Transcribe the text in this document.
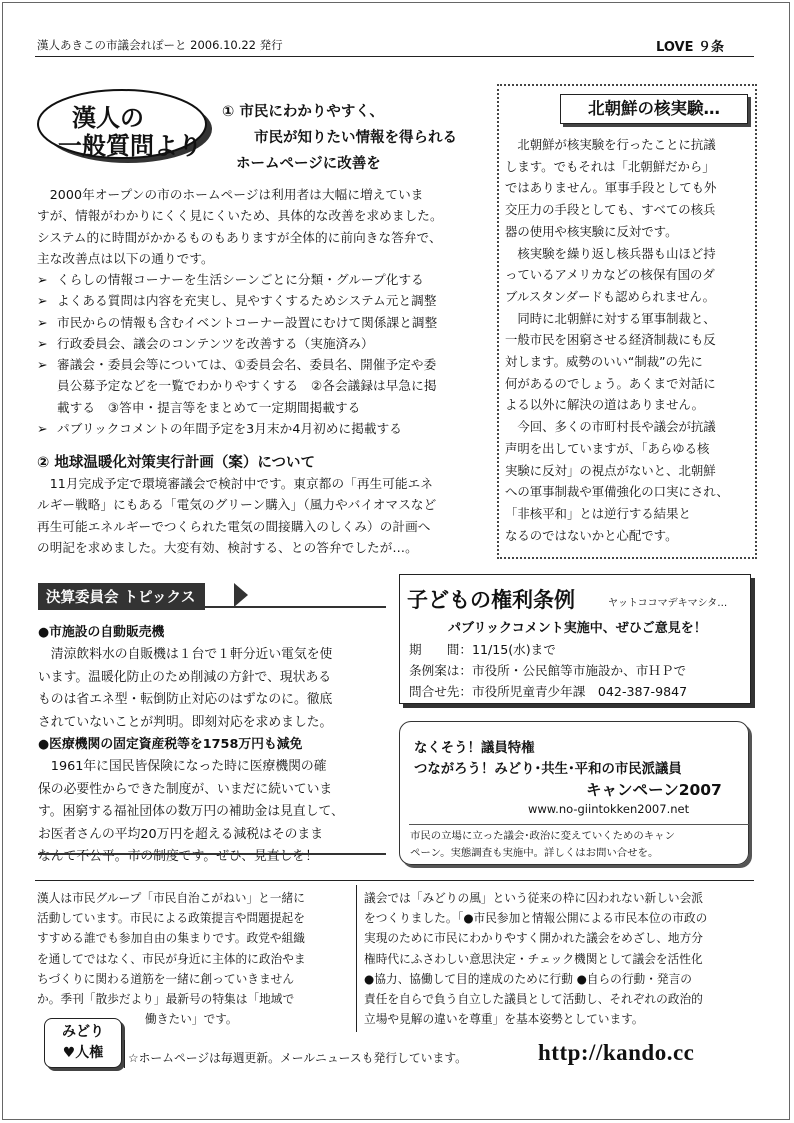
漢人あきこの市議会れぽーと 2006.10.22 発行	LOVE ９条
漢人の
一般質問より
① 市民にわかりやすく、
市民が知りたい情報を得られる
ホームページに改善を
　2000年オープンの市のホームページは利用者は大幅に増えていま
すが、情報がわかりにくく見にくいため、具体的な改善を求めました。
システム的に時間がかかるものもありますが全体的に前向きな答弁で、
主な改善点は以下の通りです。
➢ くらしの情報コーナーを生活シーンごとに分類・グループ化する
➢ よくある質問は内容を充実し、見やすくするためシステム元と調整
➢ 市民からの情報も含むイベントコーナー設置にむけて関係課と調整
➢ 行政委員会、議会のコンテンツを改善する（実施済み）
➢ 審議会・委員会等については、①委員会名、委員名、開催予定や委
員公募予定などを一覧でわかりやすくする　②各会議録は早急に掲
載する　③答申・提言等をまとめて一定期間掲載する
➢ パブリックコメントの年間予定を3月末か4月初めに掲載する
② 地球温暖化対策実行計画（案）について
　11月完成予定で環境審議会で検討中です。東京都の「再生可能エネ
ルギー戦略」にもある「電気のグリーン購入」（風力やバイオマスなど
再生可能エネルギーでつくられた電気の間接購入のしくみ）の計画へ
の明記を求めました。大変有効、検討する、との答弁でしたが…。
北朝鮮の核実験…
　北朝鮮が核実験を行ったことに抗議
します。でもそれは「北朝鮮だから」
ではありません。軍事手段としても外
交圧力の手段としても、すべての核兵
器の使用や核実験に反対です。
　核実験を繰り返し核兵器も山ほど持
っているアメリカなどの核保有国のダ
ブルスタンダードも認められません。
　同時に北朝鮮に対する軍事制裁と、
一般市民を困窮させる経済制裁にも反
対します。威勢のいい“制裁”の先に
何があるのでしょう。あくまで対話に
よる以外に解決の道はありません。
　今回、多くの市町村長や議会が抗議
声明を出していますが、「あらゆる核
実験に反対」の視点がないと、北朝鮮
への軍事制裁や軍備強化の口実にされ、
「非核平和」とは逆行する結果と
なるのではないかと心配です。
決算委員会 トピックス
●市施設の自動販売機
　清涼飲料水の自販機は１台で１軒分近い電気を使
います。温暖化防止のため削減の方針で、現状ある
ものは省エネ型・転倒防止対応のはずなのに。徹底
されていないことが判明。即刻対応を求めました。
●医療機関の固定資産税等を1758万円も減免
　1961年に国民皆保険になった時に医療機関の確
保の必要性からできた制度が、いまだに続いていま
す。困窮する福祉団体の数万円の補助金は見直して、
お医者さんの平均20万円を超える減税はそのまま
なんて不公平。市の制度です。ぜひ、見直しを！
子どもの権利条例	ヤットココマデキマシタ…
パブリックコメント実施中、ぜひご意見を！
期　　間：11/15(水)まで
条例案は：市役所・公民館等市施設か、市ＨＰで
問合せ先：市役所児童青少年課　042-387-9847
なくそう！議員特権
つながろう！みどり･共生･平和の市民派議員
キャンペーン2007
www.no-giintokken2007.net
市民の立場に立った議会･政治に変えていくためのキャン
ペーン。実態調査も実施中。詳しくはお問い合せを。
漢人は市民グループ「市民自治こがねい」と一緒に
活動しています。市民による政策提言や問題提起を
すすめる誰でも参加自由の集まりです。政党や組織
を通してではなく、市民が身近に主体的に政治やま
ちづくりに関わる道筋を一緒に創っていきません
か。季刊「散歩だより」最新号の特集は「地域で
働きたい」です。
議会では「みどりの風」という従来の枠に囚われない新しい会派
をつくりました。「●市民参加と情報公開による市民本位の市政の
実現のために市民にわかりやすく開かれた議会をめざし、地方分
権時代にふさわしい意思決定・チェック機関として議会を活性化
●協力、協働して目的達成のために行動 ●自らの行動・発言の
責任を自らで負う自立した議員として活動し、それぞれの政治的
立場や見解の違いを尊重」を基本姿勢としています。
みどり
♥人権	☆ホームページは毎週更新。メールニュースも発行しています。	http://kando.cc
